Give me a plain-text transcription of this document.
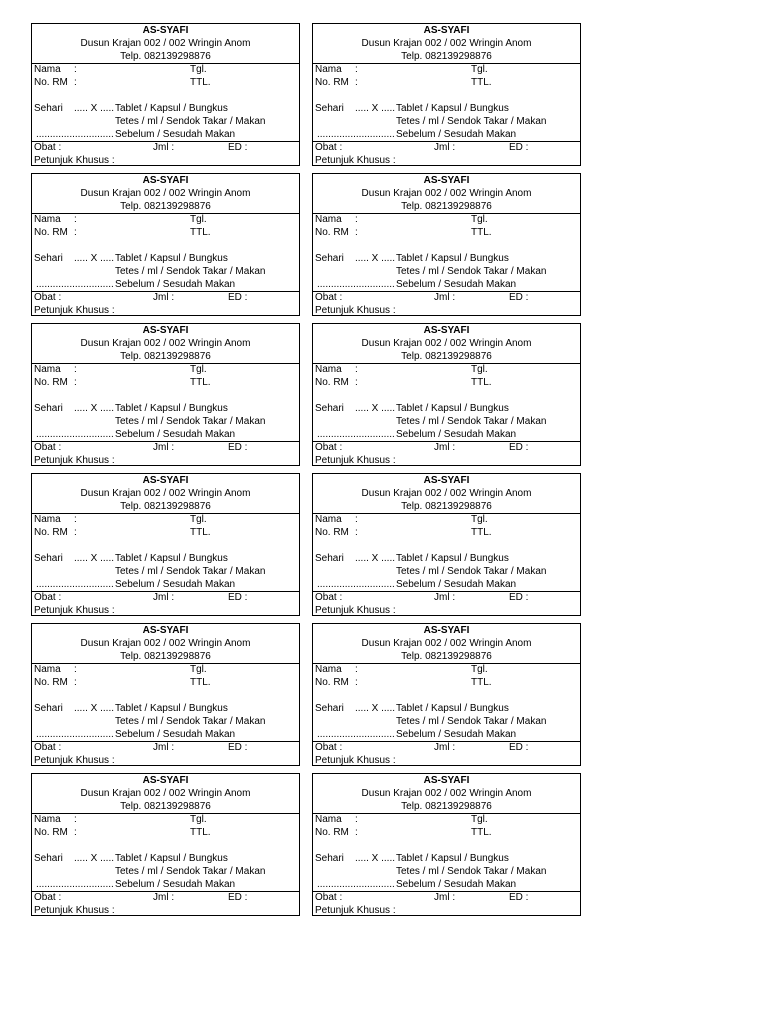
AS-SYAFI
Dusun Krajan 002 / 002 Wringin Anom
Telp. 082139298876
Nama :	Tgl.
No. RM :	TTL.
Sehari ..... X ..... Tablet / Kapsul / Bungkus
Tetes / ml / Sendok Takar / Makan
............................ Sebelum / Sesudah Makan
Obat :	Jml :	ED :
Petunjuk Khusus :
AS-SYAFI
Dusun Krajan 002 / 002 Wringin Anom
Telp. 082139298876
Nama :	Tgl.
No. RM :	TTL.
Sehari ..... X ..... Tablet / Kapsul / Bungkus
Tetes / ml / Sendok Takar / Makan
............................ Sebelum / Sesudah Makan
Obat :	Jml :	ED :
Petunjuk Khusus :
AS-SYAFI
Dusun Krajan 002 / 002 Wringin Anom
Telp. 082139298876
Nama :	Tgl.
No. RM :	TTL.
Sehari ..... X ..... Tablet / Kapsul / Bungkus
Tetes / ml / Sendok Takar / Makan
............................ Sebelum / Sesudah Makan
Obat :	Jml :	ED :
Petunjuk Khusus :
AS-SYAFI
Dusun Krajan 002 / 002 Wringin Anom
Telp. 082139298876
Nama :	Tgl.
No. RM :	TTL.
Sehari ..... X ..... Tablet / Kapsul / Bungkus
Tetes / ml / Sendok Takar / Makan
............................ Sebelum / Sesudah Makan
Obat :	Jml :	ED :
Petunjuk Khusus :
AS-SYAFI
Dusun Krajan 002 / 002 Wringin Anom
Telp. 082139298876
Nama :	Tgl.
No. RM :	TTL.
Sehari ..... X ..... Tablet / Kapsul / Bungkus
Tetes / ml / Sendok Takar / Makan
............................ Sebelum / Sesudah Makan
Obat :	Jml :	ED :
Petunjuk Khusus :
AS-SYAFI
Dusun Krajan 002 / 002 Wringin Anom
Telp. 082139298876
Nama :	Tgl.
No. RM :	TTL.
Sehari ..... X ..... Tablet / Kapsul / Bungkus
Tetes / ml / Sendok Takar / Makan
............................ Sebelum / Sesudah Makan
Obat :	Jml :	ED :
Petunjuk Khusus :
AS-SYAFI
Dusun Krajan 002 / 002 Wringin Anom
Telp. 082139298876
Nama :	Tgl.
No. RM :	TTL.
Sehari ..... X ..... Tablet / Kapsul / Bungkus
Tetes / ml / Sendok Takar / Makan
............................ Sebelum / Sesudah Makan
Obat :	Jml :	ED :
Petunjuk Khusus :
AS-SYAFI
Dusun Krajan 002 / 002 Wringin Anom
Telp. 082139298876
Nama :	Tgl.
No. RM :	TTL.
Sehari ..... X ..... Tablet / Kapsul / Bungkus
Tetes / ml / Sendok Takar / Makan
............................ Sebelum / Sesudah Makan
Obat :	Jml :	ED :
Petunjuk Khusus :
AS-SYAFI
Dusun Krajan 002 / 002 Wringin Anom
Telp. 082139298876
Nama :	Tgl.
No. RM :	TTL.
Sehari ..... X ..... Tablet / Kapsul / Bungkus
Tetes / ml / Sendok Takar / Makan
............................ Sebelum / Sesudah Makan
Obat :	Jml :	ED :
Petunjuk Khusus :
AS-SYAFI
Dusun Krajan 002 / 002 Wringin Anom
Telp. 082139298876
Nama :	Tgl.
No. RM :	TTL.
Sehari ..... X ..... Tablet / Kapsul / Bungkus
Tetes / ml / Sendok Takar / Makan
............................ Sebelum / Sesudah Makan
Obat :	Jml :	ED :
Petunjuk Khusus :
AS-SYAFI
Dusun Krajan 002 / 002 Wringin Anom
Telp. 082139298876
Nama :	Tgl.
No. RM :	TTL.
Sehari ..... X ..... Tablet / Kapsul / Bungkus
Tetes / ml / Sendok Takar / Makan
............................ Sebelum / Sesudah Makan
Obat :	Jml :	ED :
Petunjuk Khusus :
AS-SYAFI
Dusun Krajan 002 / 002 Wringin Anom
Telp. 082139298876
Nama :	Tgl.
No. RM :	TTL.
Sehari ..... X ..... Tablet / Kapsul / Bungkus
Tetes / ml / Sendok Takar / Makan
............................ Sebelum / Sesudah Makan
Obat :	Jml :	ED :
Petunjuk Khusus :
